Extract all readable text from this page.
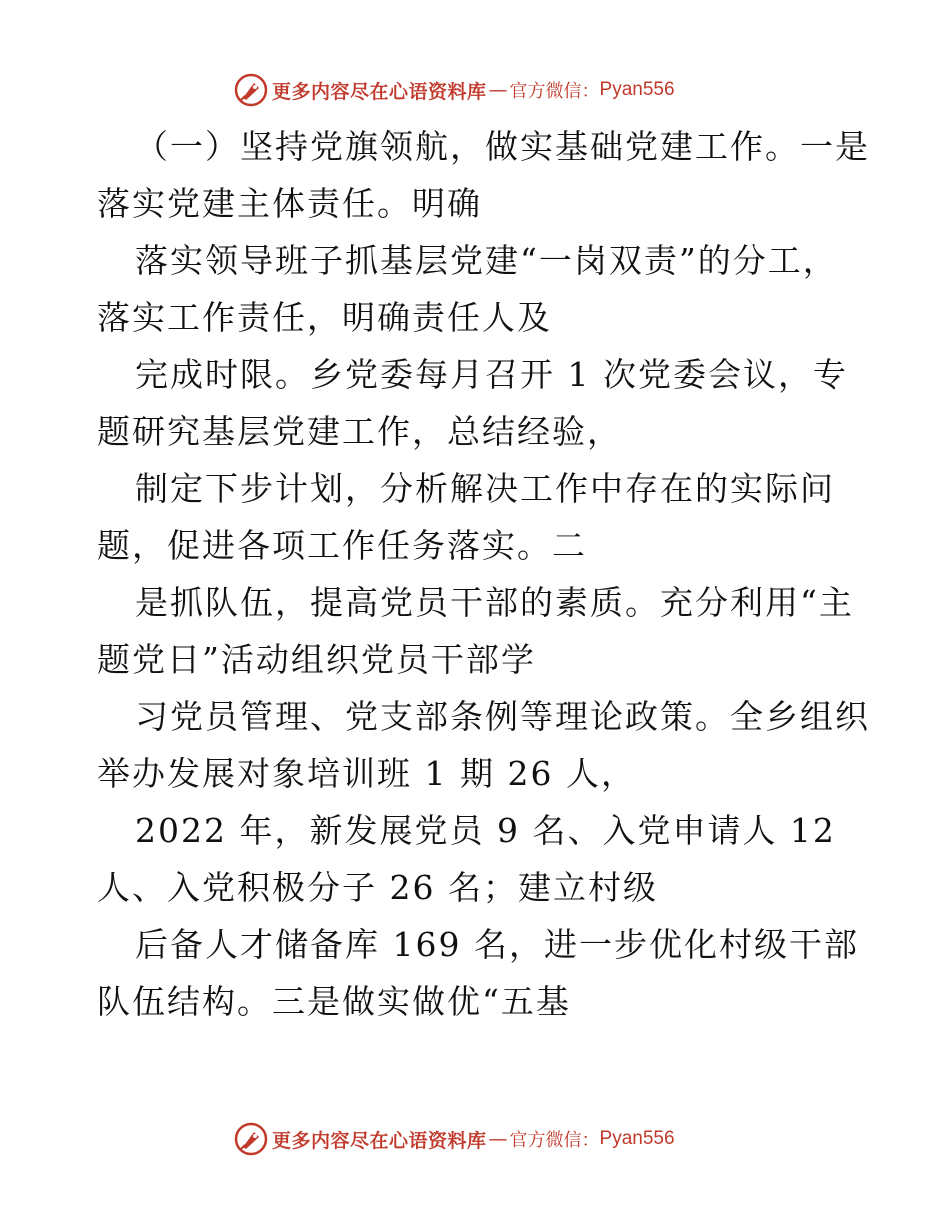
更多内容尽在心语资料库 — 官方微信： Pyan556
（一）坚持党旗领航，做实基础党建工作。一是
落实党建主体责任。明确
落实领导班子抓基层党建“一岗双责”的分工，
落实工作责任，明确责任人及
完成时限。乡党委每月召开 1 次党委会议，专
题研究基层党建工作，总结经验，
制定下步计划，分析解决工作中存在的实际问
题，促进各项工作任务落实。二
是抓队伍，提高党员干部的素质。充分利用“主
题党日”活动组织党员干部学
习党员管理、党支部条例等理论政策。全乡组织
举办发展对象培训班 1 期 26 人，
2022 年，新发展党员 9 名、入党申请人 12
人、入党积极分子 26 名；建立村级
后备人才储备库 169 名，进一步优化村级干部
队伍结构。三是做实做优“五基
更多内容尽在心语资料库 — 官方微信： Pyan556
